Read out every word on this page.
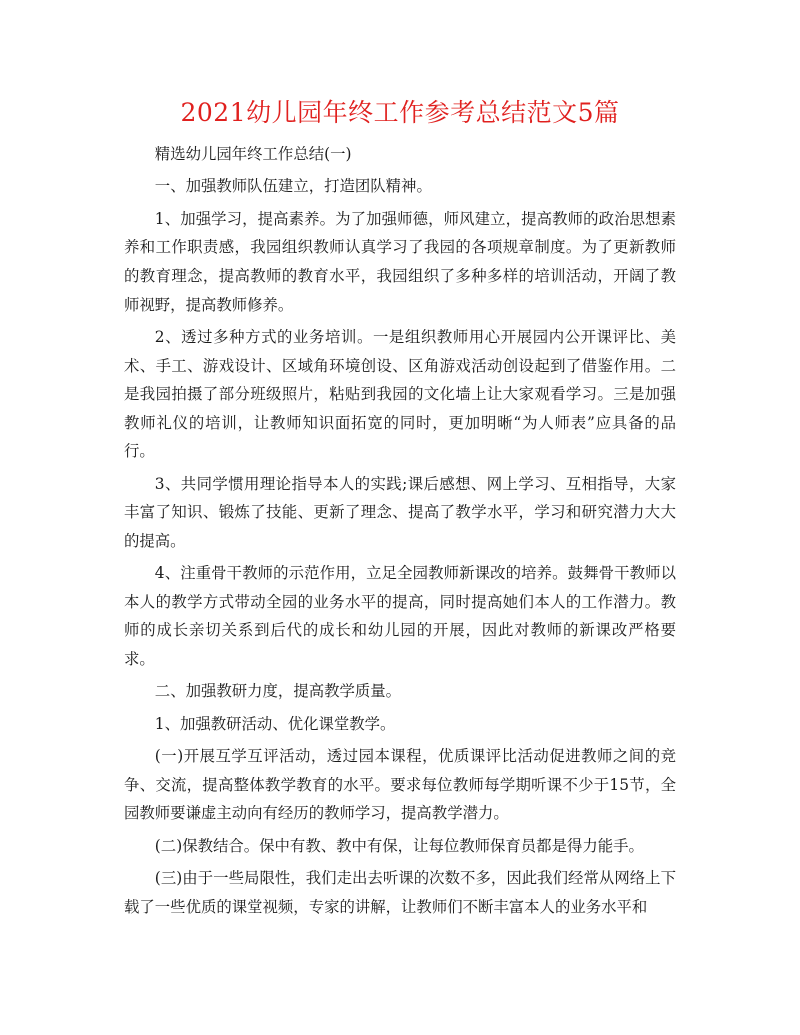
2021幼儿园年终工作参考总结范文5篇

精选幼儿园年终工作总结(一)

一、加强教师队伍建立，打造团队精神。

1、加强学习，提高素养。为了加强师德，师风建立，提高教师的政治思想素养和工作职责感，我园组织教师认真学习了我园的各项规章制度。为了更新教师的教育理念，提高教师的教育水平，我园组织了多种多样的培训活动，开阔了教师视野，提高教师修养。

2、透过多种方式的业务培训。一是组织教师用心开展园内公开课评比、美术、手工、游戏设计、区域角环境创设、区角游戏活动创设起到了借鉴作用。二是我园拍摄了部分班级照片，粘贴到我园的文化墙上让大家观看学习。三是加强教师礼仪的培训，让教师知识面拓宽的同时，更加明晰“为人师表”应具备的品行。

3、共同学惯用理论指导本人的实践;课后感想、网上学习、互相指导，大家丰富了知识、锻炼了技能、更新了理念、提高了教学水平，学习和研究潜力大大的提高。

4、注重骨干教师的示范作用，立足全园教师新课改的培养。鼓舞骨干教师以本人的教学方式带动全园的业务水平的提高，同时提高她们本人的工作潜力。教师的成长亲切关系到后代的成长和幼儿园的开展，因此对教师的新课改严格要求。

二、加强教研力度，提高教学质量。

1、加强教研活动、优化课堂教学。

(一)开展互学互评活动，透过园本课程，优质课评比活动促进教师之间的竞争、交流，提高整体教学教育的水平。要求每位教师每学期听课不少于15节，全园教师要谦虚主动向有经历的教师学习，提高教学潜力。

(二)保教结合。保中有教、教中有保，让每位教师保育员都是得力能手。

(三)由于一些局限性，我们走出去听课的次数不多，因此我们经常从网络上下载了一些优质的课堂视频，专家的讲解，让教师们不断丰富本人的业务水平和
